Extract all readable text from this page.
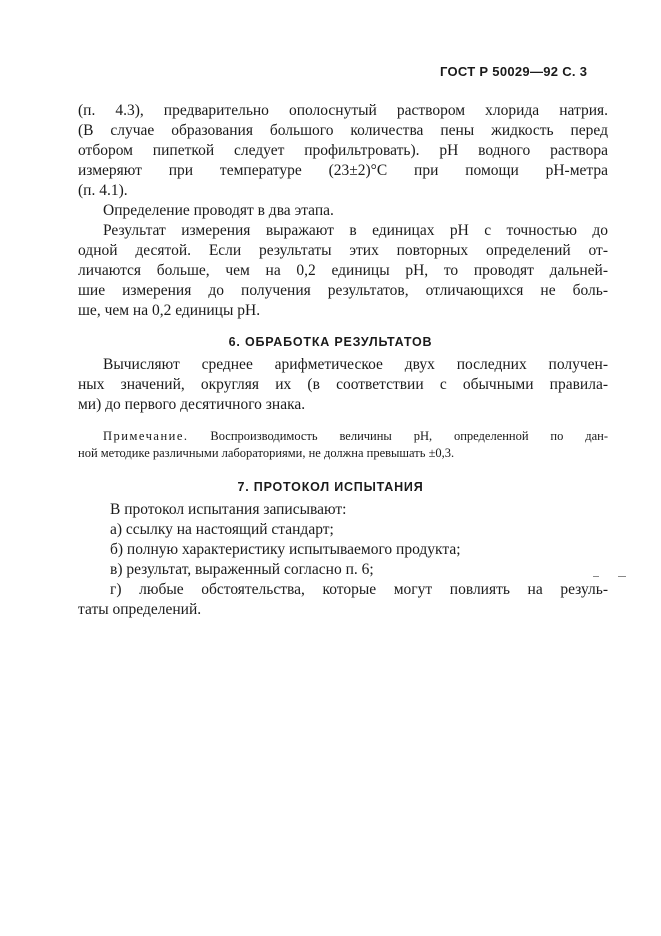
ГОСТ Р 50029—92 С. 3
(п. 4.3), предварительно ополоснутый раствором хлорида натрия.
(В случае образования большого количества пены жидкость перед
отбором пипеткой следует профильтровать). pH водного раствора
измеряют при температуре (23±2)°С при помощи pH-метра
(п. 4.1).
Определение проводят в два этапа.
Результат измерения выражают в единицах pH с точностью до
одной десятой. Если результаты этих повторных определений от-
личаются больше, чем на 0,2 единицы pH, то проводят дальней-
шие измерения до получения результатов, отличающихся не боль-
ше, чем на 0,2 единицы pH.
6. ОБРАБОТКА РЕЗУЛЬТАТОВ
Вычисляют среднее арифметическое двух последних получен-
ных значений, округляя их (в соответствии с обычными правила-
ми) до первого десятичного знака.
Примечание. Воспроизводимость величины pH, определенной по дан-
ной методике различными лабораториями, не должна превышать ±0,3.
7. ПРОТОКОЛ ИСПЫТАНИЯ
В протокол испытания записывают:
а) ссылку на настоящий стандарт;
б) полную характеристику испытываемого продукта;
в) результат, выраженный согласно п. 6;
г) любые обстоятельства, которые могут повлиять на резуль-
таты определений.
